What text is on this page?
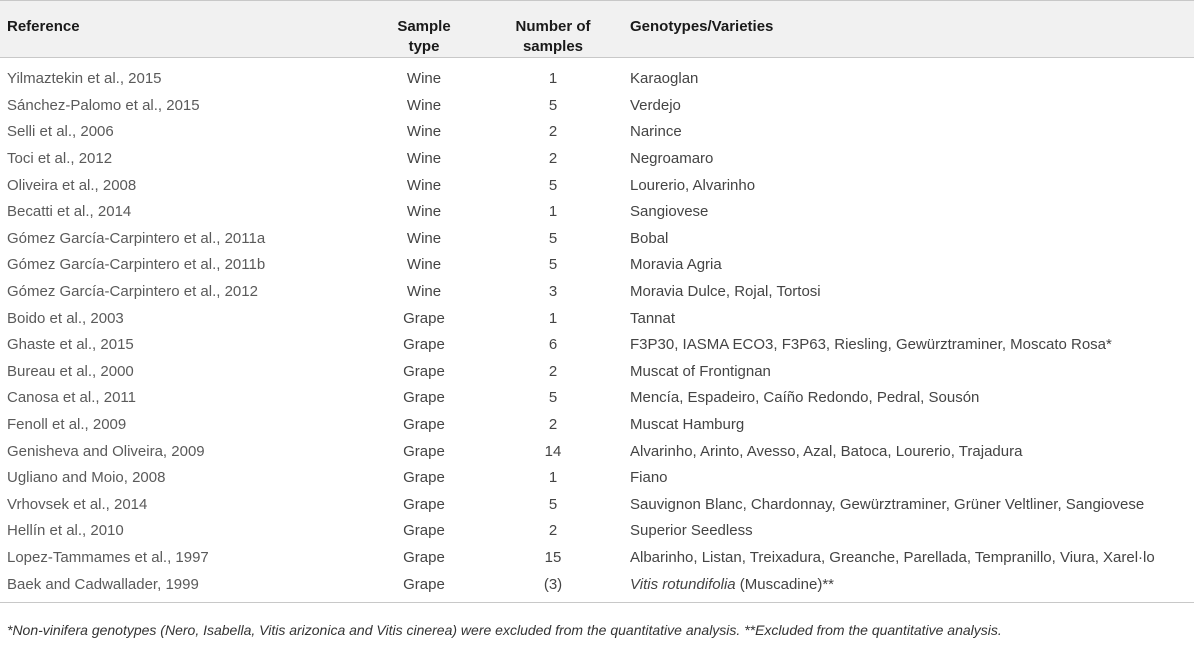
Reference	Sample type	Number of samples	Genotypes/Varieties
Yilmaztekin et al., 2015	Wine	1	Karaoglan
Sánchez-Palomo et al., 2015	Wine	5	Verdejo
Selli et al., 2006	Wine	2	Narince
Toci et al., 2012	Wine	2	Negroamaro
Oliveira et al., 2008	Wine	5	Lourerio, Alvarinho
Becatti et al., 2014	Wine	1	Sangiovese
Gómez García-Carpintero et al., 2011a	Wine	5	Bobal
Gómez García-Carpintero et al., 2011b	Wine	5	Moravia Agria
Gómez García-Carpintero et al., 2012	Wine	3	Moravia Dulce, Rojal, Tortosi
Boido et al., 2003	Grape	1	Tannat
Ghaste et al., 2015	Grape	6	F3P30, IASMA ECO3, F3P63, Riesling, Gewürztraminer, Moscato Rosa*
Bureau et al., 2000	Grape	2	Muscat of Frontignan
Canosa et al., 2011	Grape	5	Mencía, Espadeiro, Caíño Redondo, Pedral, Sousón
Fenoll et al., 2009	Grape	2	Muscat Hamburg
Genisheva and Oliveira, 2009	Grape	14	Alvarinho, Arinto, Avesso, Azal, Batoca, Lourerio, Trajadura
Ugliano and Moio, 2008	Grape	1	Fiano
Vrhovsek et al., 2014	Grape	5	Sauvignon Blanc, Chardonnay, Gewürztraminer, Grüner Veltliner, Sangiovese
Hellín et al., 2010	Grape	2	Superior Seedless
Lopez-Tammames et al., 1997	Grape	15	Albarinho, Listan, Treixadura, Greanche, Parellada, Tempranillo, Viura, Xarel·lo
Baek and Cadwallader, 1999	Grape	(3)	Vitis rotundifolia (Muscadine)**
*Non-vinifera genotypes (Nero, Isabella, Vitis arizonica and Vitis cinerea) were excluded from the quantitative analysis. **Excluded from the quantitative analysis.
